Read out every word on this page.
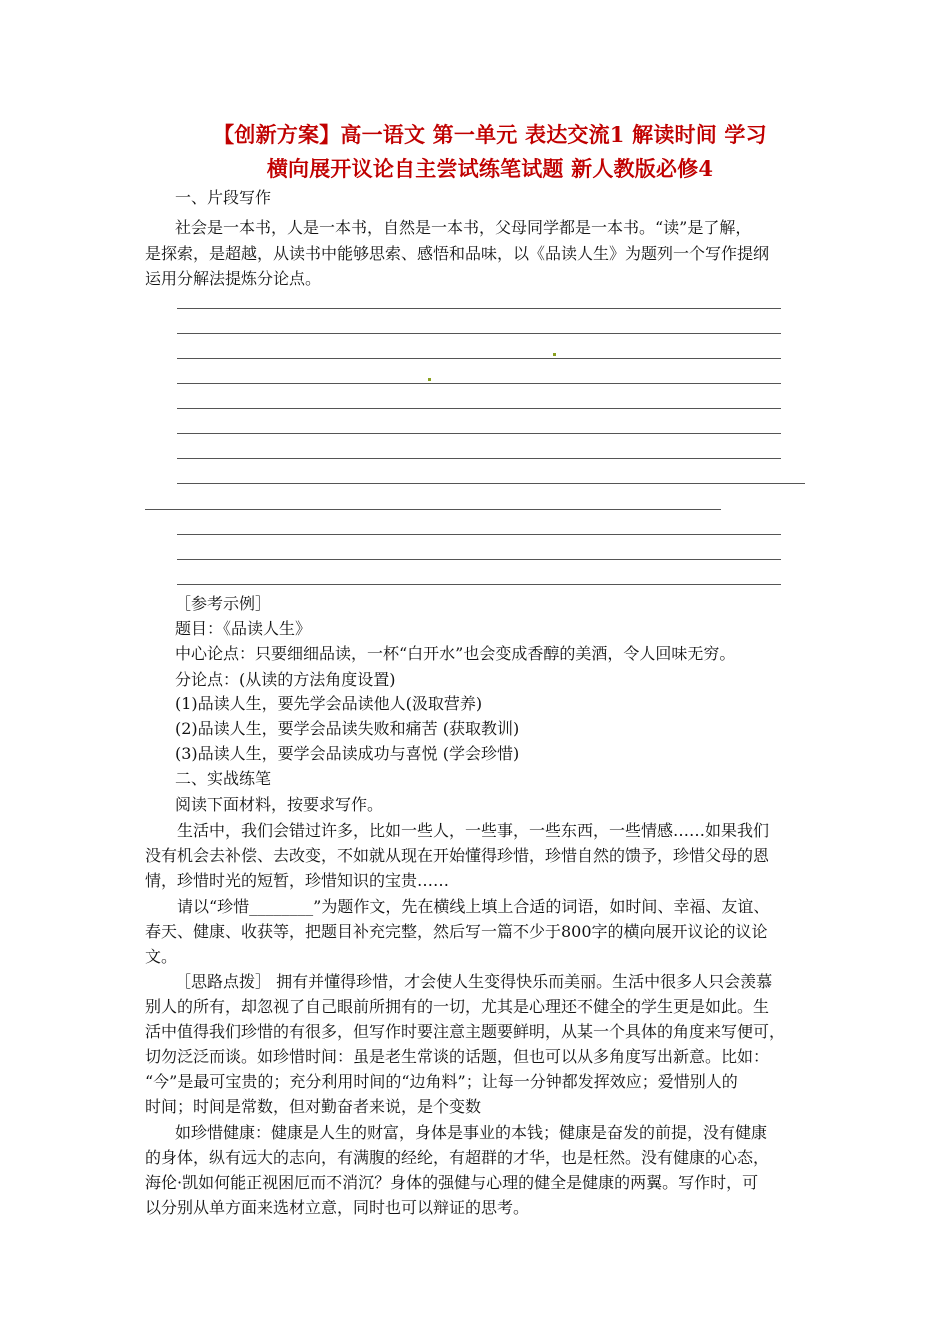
【创新方案】高一语文 第一单元 表达交流1 解读时间 学习
横向展开议论自主尝试练笔试题 新人教版必修4
一、片段写作
社会是一本书，人是一本书，自然是一本书，父母同学都是一本书。“读”是了解，
是探索，是超越，从读书中能够思索、感悟和品味，以《品读人生》为题列一个写作提纲
运用分解法提炼分论点。
［参考示例］
题目：《品读人生》
中心论点：只要细细品读，一杯“白开水”也会变成香醇的美酒，令人回味无穷。
分论点：(从读的方法角度设置)
(1)品读人生，要先学会品读他人(汲取营养)
(2)品读人生，要学会品读失败和痛苦 (获取教训)
(3)品读人生，要学会品读成功与喜悦 (学会珍惜)
二、实战练笔
阅读下面材料，按要求写作。
生活中，我们会错过许多，比如一些人，一些事，一些东西，一些情感……如果我们
没有机会去补偿、去改变，不如就从现在开始懂得珍惜，珍惜自然的馈予，珍惜父母的恩
情，珍惜时光的短暂，珍惜知识的宝贵……
请以“珍惜________”为题作文，先在横线上填上合适的词语，如时间、幸福、友谊、
春天、健康、收获等，把题目补充完整，然后写一篇不少于800字的横向展开议论的议论
文。
［思路点拨］ 拥有并懂得珍惜，才会使人生变得快乐而美丽。生活中很多人只会羡慕
别人的所有，却忽视了自己眼前所拥有的一切，尤其是心理还不健全的学生更是如此。生
活中值得我们珍惜的有很多，但写作时要注意主题要鲜明，从某一个具体的角度来写便可，
切勿泛泛而谈。如珍惜时间：虽是老生常谈的话题，但也可以从多角度写出新意。比如：
“今”是最可宝贵的；充分利用时间的“边角料”；让每一分钟都发挥效应；爱惜别人的
时间；时间是常数，但对勤奋者来说，是个变数
如珍惜健康：健康是人生的财富，身体是事业的本钱；健康是奋发的前提，没有健康
的身体，纵有远大的志向，有满腹的经纶，有超群的才华，也是枉然。没有健康的心态，
海伦·凯如何能正视困厄而不消沉？身体的强健与心理的健全是健康的两翼。写作时，可
以分别从单方面来选材立意，同时也可以辩证的思考。
